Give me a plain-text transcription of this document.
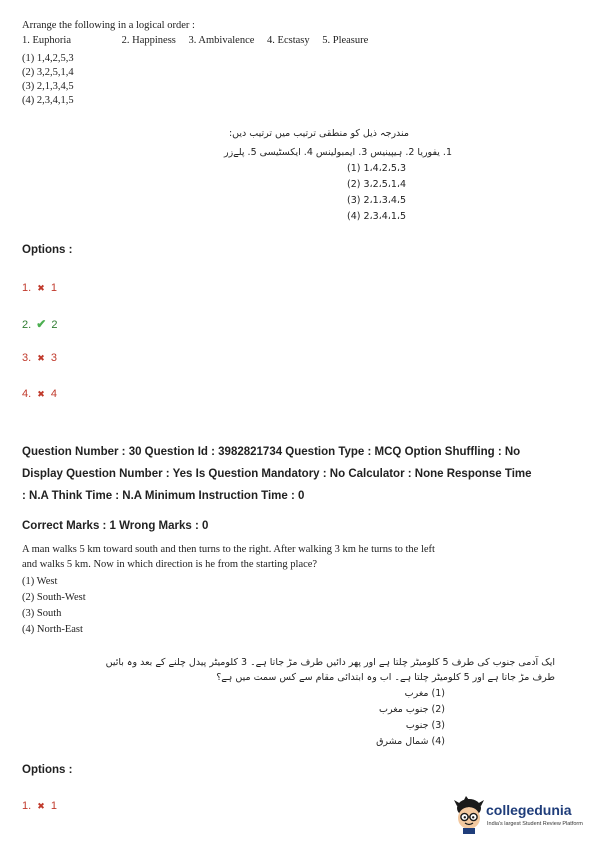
Arrange the following in a logical order :
1. Euphoria	2. Happiness 3. Ambivalence 4. Ecstasy 5. Pleasure
(1) 1,4,2,5,3
(2) 3,2,5,1,4
(3) 2,1,3,4,5
(4) 2,3,4,1,5
مندرجہ ذیل کو منطقی ترتیب میں ترتیب دیں:
1. یفوریا 2. ہیپینیس 3. ایمبولینس 4. ایکسٹیسی 5. پلےزر
1،4،2،5،3 (1)
3،2،5،1،4 (2)
2،1،3،4،5 (3)
2،3،4،1،5 (4)
Options :
1. ✖ 1
2. ✔ 2
3. ✖ 3
4. ✖ 4
Question Number : 30 Question Id : 3982821734 Question Type : MCQ Option Shuffling : No
Display Question Number : Yes Is Question Mandatory : No Calculator : None Response Time
: N.A Think Time : N.A Minimum Instruction Time : 0
Correct Marks : 1 Wrong Marks : 0
A man walks 5 km toward south and then turns to the right. After walking 3 km he turns to the left
and walks 5 km. Now in which direction is he from the starting place?
(1) West
(2) South-West
(3) South
(4) North-East
ایک آدمی جنوب کی طرف 5 کلومیٹر چلتا ہے اور پھر دائیں طرف مڑ جاتا ہے۔ 3 کلومیٹر پیدل چلنے کے بعد وہ بائیں
طرف مڑ جاتا ہے اور 5 کلومیٹر چلتا ہے۔ اب وہ ابتدائی مقام سے کس سمت میں ہے؟
(1) مغرب
(2) جنوب مغرب
(3) جنوب
(4) شمال مشرق
Options :
1. ✖ 1	collegedunia
India's largest Student Review Platform
